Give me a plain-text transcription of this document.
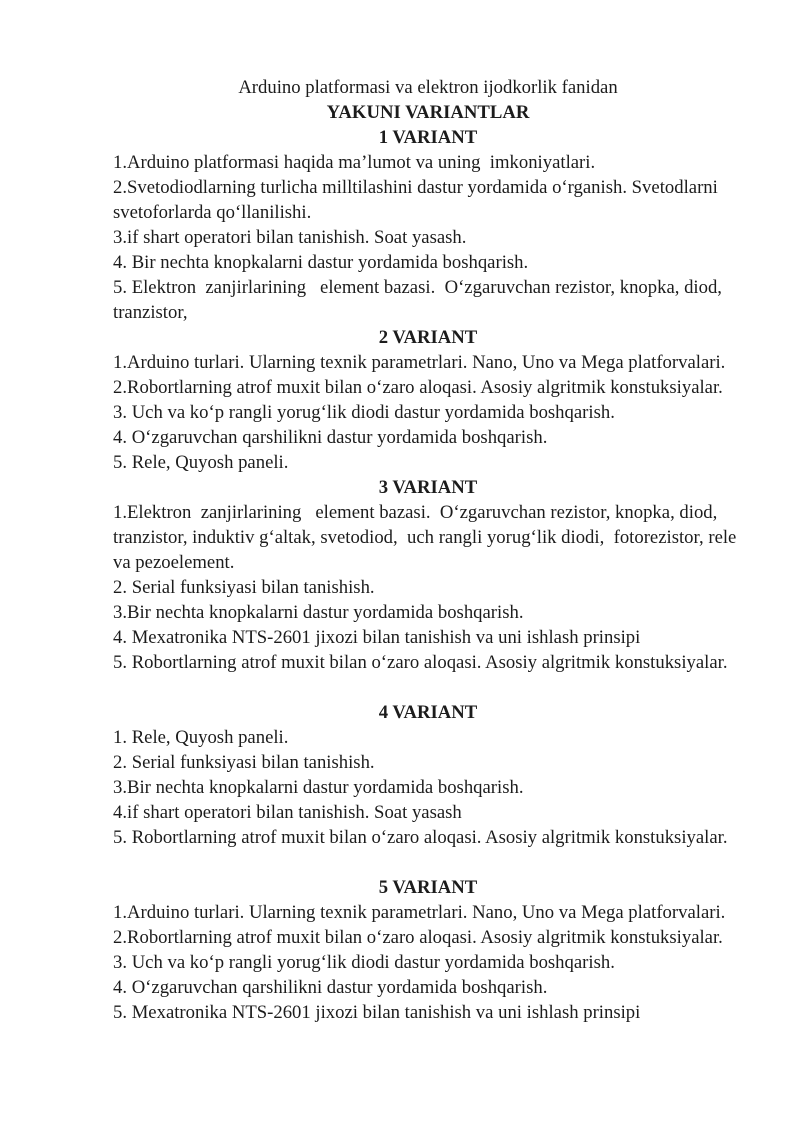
Arduino platformasi va elektron ijodkorlik fanidan

YAKUNI VARIANTLAR

1 VARIANT

1.Arduino platformasi haqida ma’lumot va uning  imkoniyatlari.

2.Svetodiodlarning turlicha milltilashini dastur yordamida oʻrganish. Svetodlarni svetoforlarda qoʻllanilishi.

3.if shart operatori bilan tanishish. Soat yasash.

4. Bir nechta knopkalarni dastur yordamida boshqarish.

5. Elektron  zanjirlarining   element bazasi.  Oʻzgaruvchan rezistor, knopka, diod, tranzistor,

2 VARIANT

1.Arduino turlari. Ularning texnik parametrlari. Nano, Uno va Mega platforvalari.

2.Robortlarning atrof muxit bilan oʻzaro aloqasi. Asosiy algritmik konstuksiyalar.

3. Uch va koʻp rangli yorugʻlik diodi dastur yordamida boshqarish.

4. Oʻzgaruvchan qarshilikni dastur yordamida boshqarish.

5. Rele, Quyosh paneli.

3 VARIANT

1.Elektron  zanjirlarining   element bazasi.  Oʻzgaruvchan rezistor, knopka, diod, tranzistor, induktiv gʻaltak, svetodiod,  uch rangli yorugʻlik diodi,  fotorezistor, rele va pezoelement.

2. Serial funksiyasi bilan tanishish.

3.Bir nechta knopkalarni dastur yordamida boshqarish.

4. Mexatronika NTS-2601 jixozi bilan tanishish va uni ishlash prinsipi

5. Robortlarning atrof muxit bilan oʻzaro aloqasi. Asosiy algritmik konstuksiyalar.

4 VARIANT

1. Rele, Quyosh paneli.

2. Serial funksiyasi bilan tanishish.

3.Bir nechta knopkalarni dastur yordamida boshqarish.

4.if shart operatori bilan tanishish. Soat yasash

5. Robortlarning atrof muxit bilan oʻzaro aloqasi. Asosiy algritmik konstuksiyalar.

5 VARIANT

1.Arduino turlari. Ularning texnik parametrlari. Nano, Uno va Mega platforvalari.

2.Robortlarning atrof muxit bilan oʻzaro aloqasi. Asosiy algritmik konstuksiyalar.

3. Uch va koʻp rangli yorugʻlik diodi dastur yordamida boshqarish.

4. Oʻzgaruvchan qarshilikni dastur yordamida boshqarish.

5. Mexatronika NTS-2601 jixozi bilan tanishish va uni ishlash prinsipi
